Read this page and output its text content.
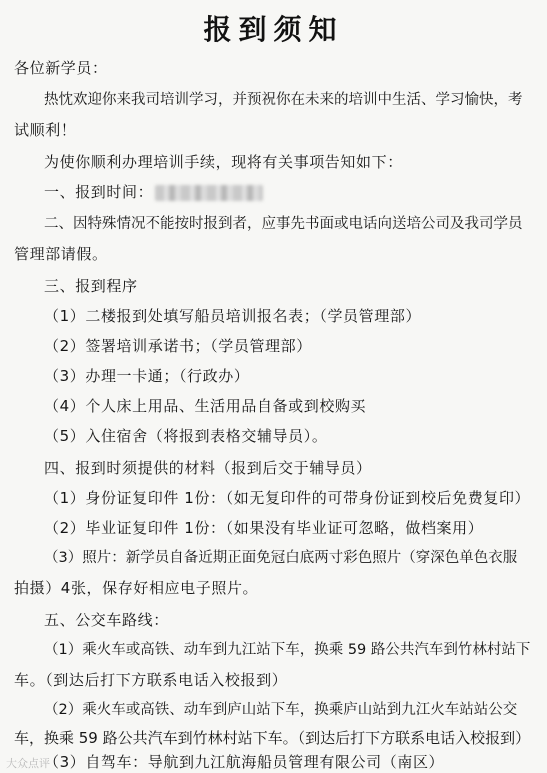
报到须知
各位新学员：
热忱欢迎你来我司培训学习，并预祝你在未来的培训中生活、学习愉快，考
试顺利！
为使你顺利办理培训手续，现将有关事项告知如下：
一、报到时间：
二、因特殊情况不能按时报到者，应事先书面或电话向送培公司及我司学员
管理部请假。
三、报到程序
（1）二楼报到处填写船员培训报名表；（学员管理部）
（2）签署培训承诺书；（学员管理部）
（3）办理一卡通；（行政办）
（4）个人床上用品、生活用品自备或到校购买
（5）入住宿舍（将报到表格交辅导员）。
四、报到时须提供的材料（报到后交于辅导员）
（1）身份证复印件 1份：（如无复印件的可带身份证到校后免费复印）
（2）毕业证复印件 1份：（如果没有毕业证可忽略，做档案用）
（3）照片：新学员自备近期正面免冠白底两寸彩色照片（穿深色单色衣服
拍摄）4张，保存好相应电子照片。
五、公交车路线：
（1）乘火车或高铁、动车到九江站下车，换乘 59 路公共汽车到竹林村站下
车。（到达后打下方联系电话入校报到）
（2）乘火车或高铁、动车到庐山站下车，换乘庐山站到九江火车站站公交
车，换乘 59 路公共汽车到竹林村站下车。（到达后打下方联系电话入校报到）
（3）自驾车：导航到九江航海船员管理有限公司（南区）
大众点评
